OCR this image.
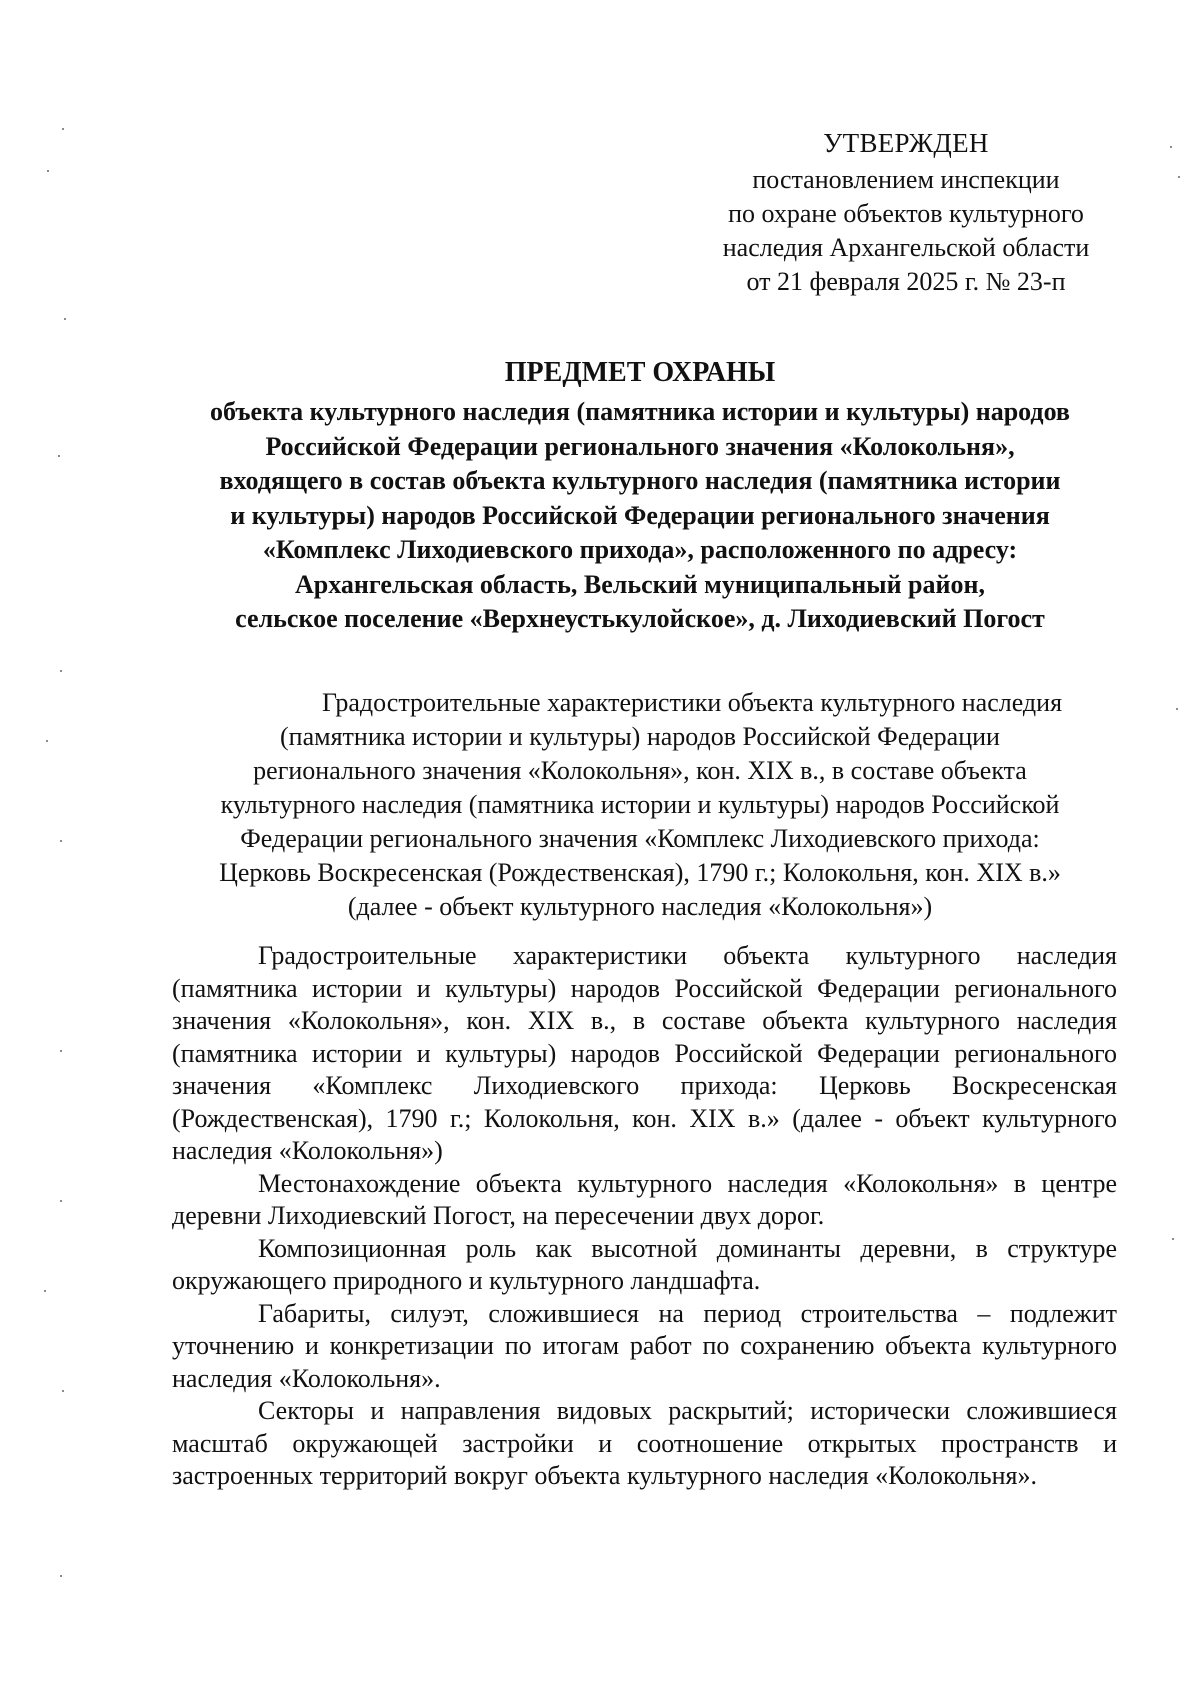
УТВЕРЖДЕН
постановлением инспекции
по охране объектов культурного
наследия Архангельской области
от 21 февраля 2025 г. № 23-п
ПРЕДМЕТ ОХРАНЫ
объекта культурного наследия (памятника истории и культуры) народов
Российской Федерации регионального значения «Колокольня»,
входящего в состав объекта культурного наследия (памятника истории
и культуры) народов Российской Федерации регионального значения
«Комплекс Лиходиевского прихода», расположенного по адресу:
Архангельская область, Вельский муниципальный район,
сельское поселение «Верхнеустькулойское», д. Лиходиевский Погост
Градостроительные характеристики объекта культурного наследия
(памятника истории и культуры) народов Российской Федерации
регионального значения «Колокольня», кон. XIX в., в составе объекта
культурного наследия (памятника истории и культуры) народов Российской
Федерации регионального значения «Комплекс Лиходиевского прихода:
Церковь Воскресенская (Рождественская), 1790 г.; Колокольня, кон. XIX в.»
(далее - объект культурного наследия «Колокольня»)

Градостроительные характеристики объекта культурного наследия (памятника истории и культуры) народов Российской Федерации регионального значения «Колокольня», кон. XIX в., в составе объекта культурного наследия (памятника истории и культуры) народов Российской Федерации регионального значения «Комплекс Лиходиевского прихода: Церковь Воскресенская (Рождественская), 1790 г.; Колокольня, кон. XIX в.» (далее - объект культурного наследия «Колокольня»)

Местонахождение объекта культурного наследия «Колокольня» в центре деревни Лиходиевский Погост, на пересечении двух дорог.

Композиционная роль как высотной доминанты деревни, в структуре окружающего природного и культурного ландшафта.

Габариты, силуэт, сложившиеся на период строительства – подлежит уточнению и конкретизации по итогам работ по сохранению объекта культурного наследия «Колокольня».

Секторы и направления видовых раскрытий; исторически сложившиеся масштаб окружающей застройки и соотношение открытых пространств и застроенных территорий вокруг объекта культурного наследия «Колокольня».
